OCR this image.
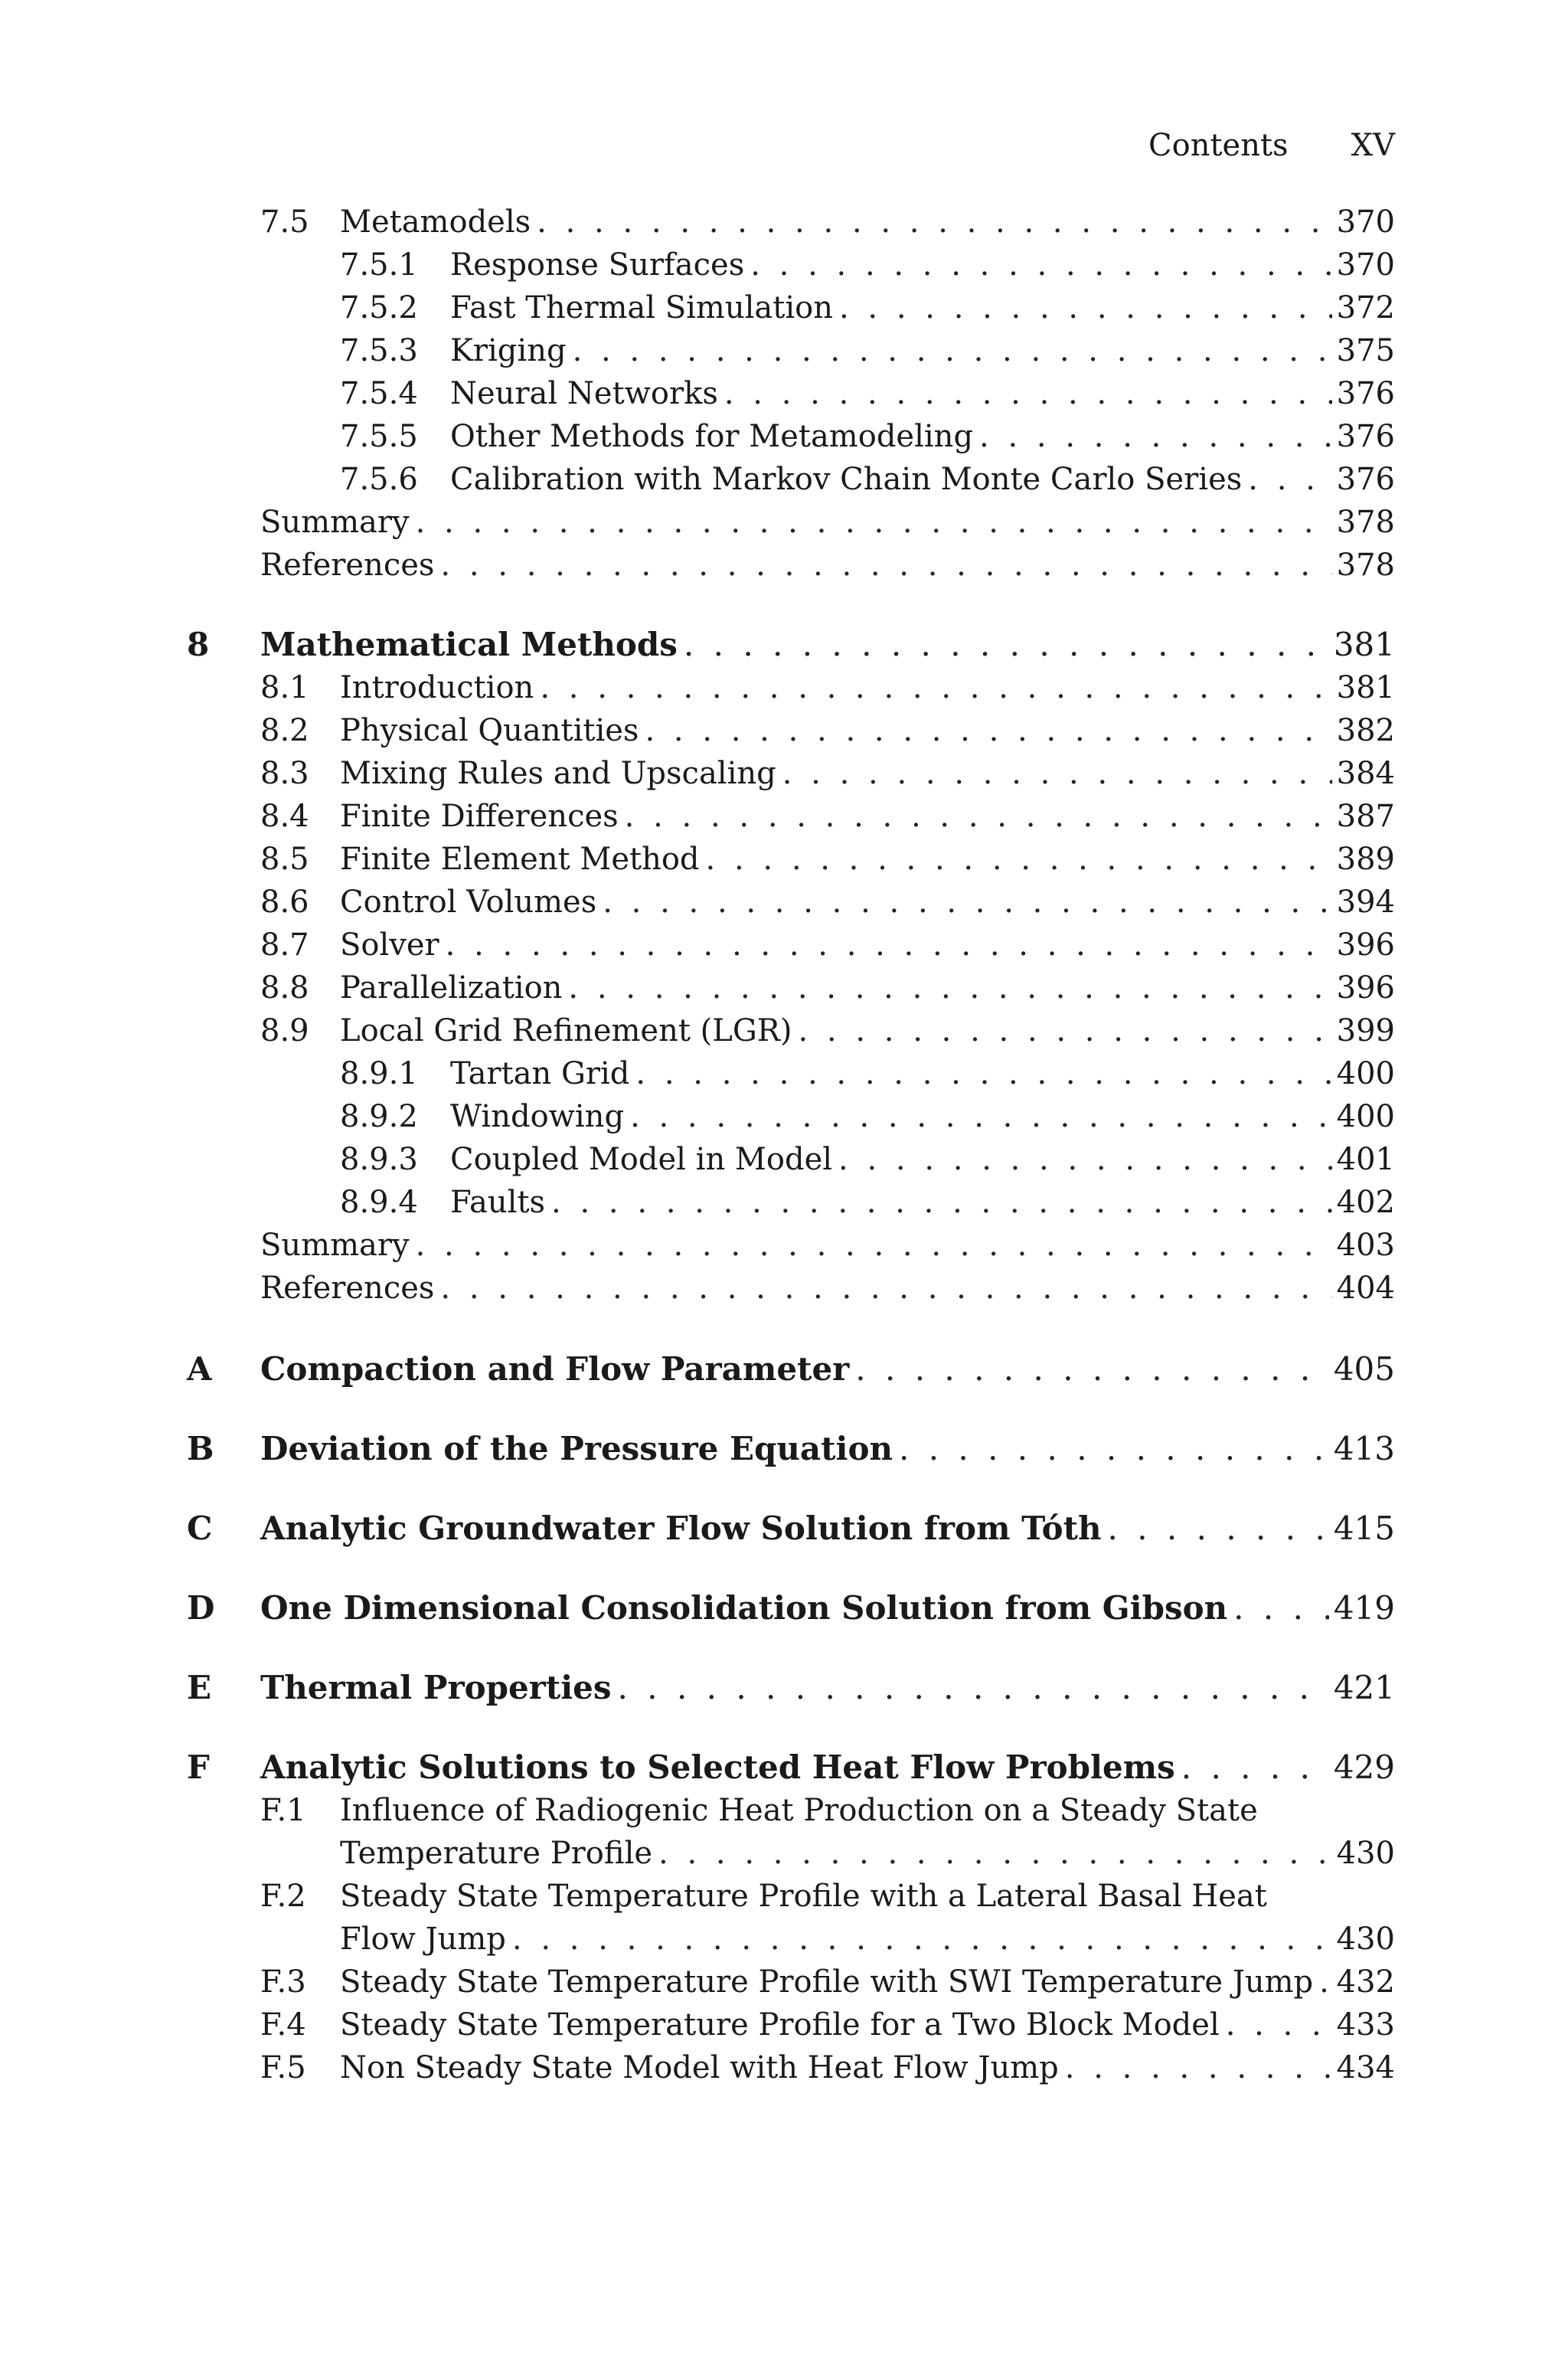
Contents XV
7.5 Metamodels . . .	370
7.5.1 Response Surfaces . . .	370
7.5.2 Fast Thermal Simulation . . .	372
7.5.3 Kriging . . .	375
7.5.4 Neural Networks . . .	376
7.5.5 Other Methods for Metamodeling . . .	376
7.5.6 Calibration with Markov Chain Monte Carlo Series . . .	376
Summary . . .	378
References . . .	378
8 Mathematical Methods . . .	381
8.1 Introduction . . .	381
8.2 Physical Quantities . . .	382
8.3 Mixing Rules and Upscaling . . .	384
8.4 Finite Differences . . .	387
8.5 Finite Element Method . . .	389
8.6 Control Volumes . . .	394
8.7 Solver . . .	396
8.8 Parallelization . . .	396
8.9 Local Grid Refinement (LGR) . . .	399
8.9.1 Tartan Grid . . .	400
8.9.2 Windowing . . .	400
8.9.3 Coupled Model in Model . . .	401
8.9.4 Faults . . .	402
Summary . . .	403
References . . .	404
A Compaction and Flow Parameter . . .	405
B Deviation of the Pressure Equation . . .	413
C Analytic Groundwater Flow Solution from Tóth . . .	415
D One Dimensional Consolidation Solution from Gibson . . .	419
E Thermal Properties . . .	421
F Analytic Solutions to Selected Heat Flow Problems . . .	429
F.1 Influence of Radiogenic Heat Production on a Steady State
Temperature Profile . . .	430
F.2 Steady State Temperature Profile with a Lateral Basal Heat
Flow Jump . . .	430
F.3 Steady State Temperature Profile with SWI Temperature Jump . . . 432
F.4 Steady State Temperature Profile for a Two Block Model . . .	433
F.5 Non Steady State Model with Heat Flow Jump . . .	434
